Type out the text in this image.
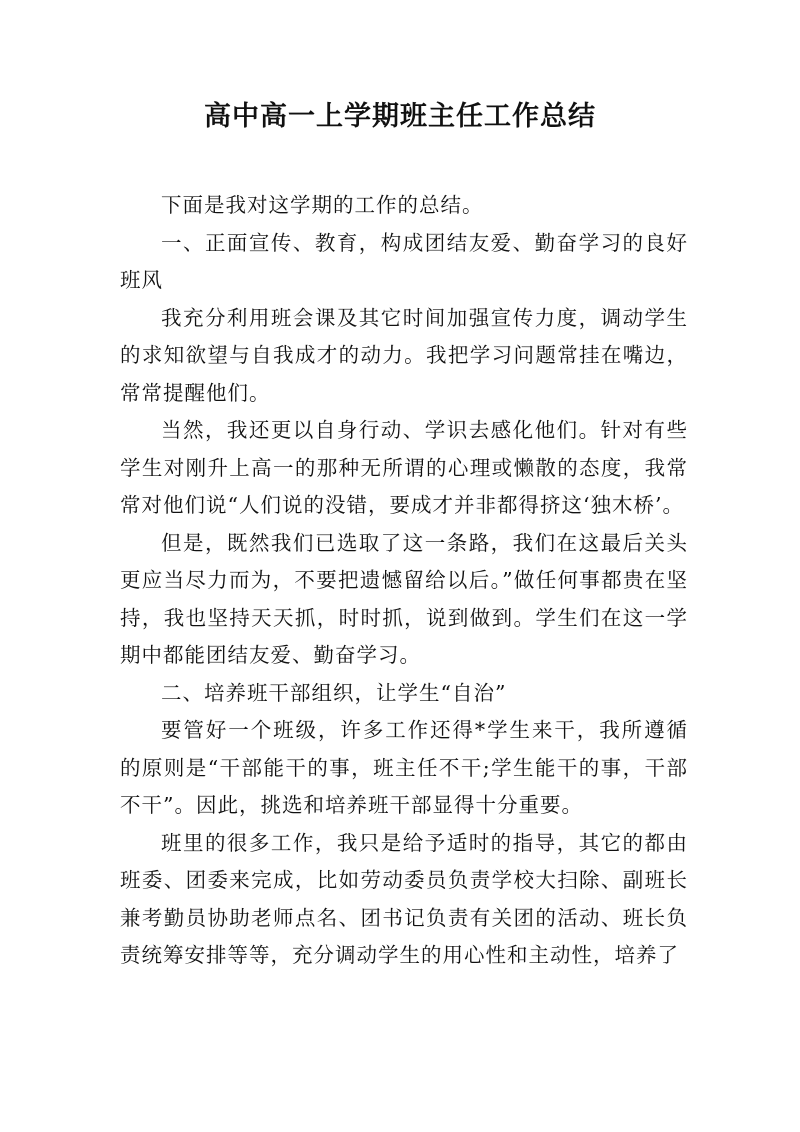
高中高一上学期班主任工作总结

下面是我对这学期的工作的总结。

一、正面宣传、教育，构成团结友爱、勤奋学习的良好班风

我充分利用班会课及其它时间加强宣传力度，调动学生的求知欲望与自我成才的动力。我把学习问题常挂在嘴边，常常提醒他们。

当然，我还更以自身行动、学识去感化他们。针对有些学生对刚升上高一的那种无所谓的心理或懒散的态度，我常常对他们说“人们说的没错，要成才并非都得挤这‘独木桥’。

但是，既然我们已选取了这一条路，我们在这最后关头更应当尽力而为，不要把遗憾留给以后。”做任何事都贵在坚持，我也坚持天天抓，时时抓，说到做到。学生们在这一学期中都能团结友爱、勤奋学习。

二、培养班干部组织，让学生“自治”

要管好一个班级，许多工作还得*学生来干，我所遵循的原则是“干部能干的事，班主任不干;学生能干的事，干部不干”。因此，挑选和培养班干部显得十分重要。

班里的很多工作，我只是给予适时的指导，其它的都由班委、团委来完成，比如劳动委员负责学校大扫除、副班长兼考勤员协助老师点名、团书记负责有关团的活动、班长负责统筹安排等等，充分调动学生的用心性和主动性，培养了
